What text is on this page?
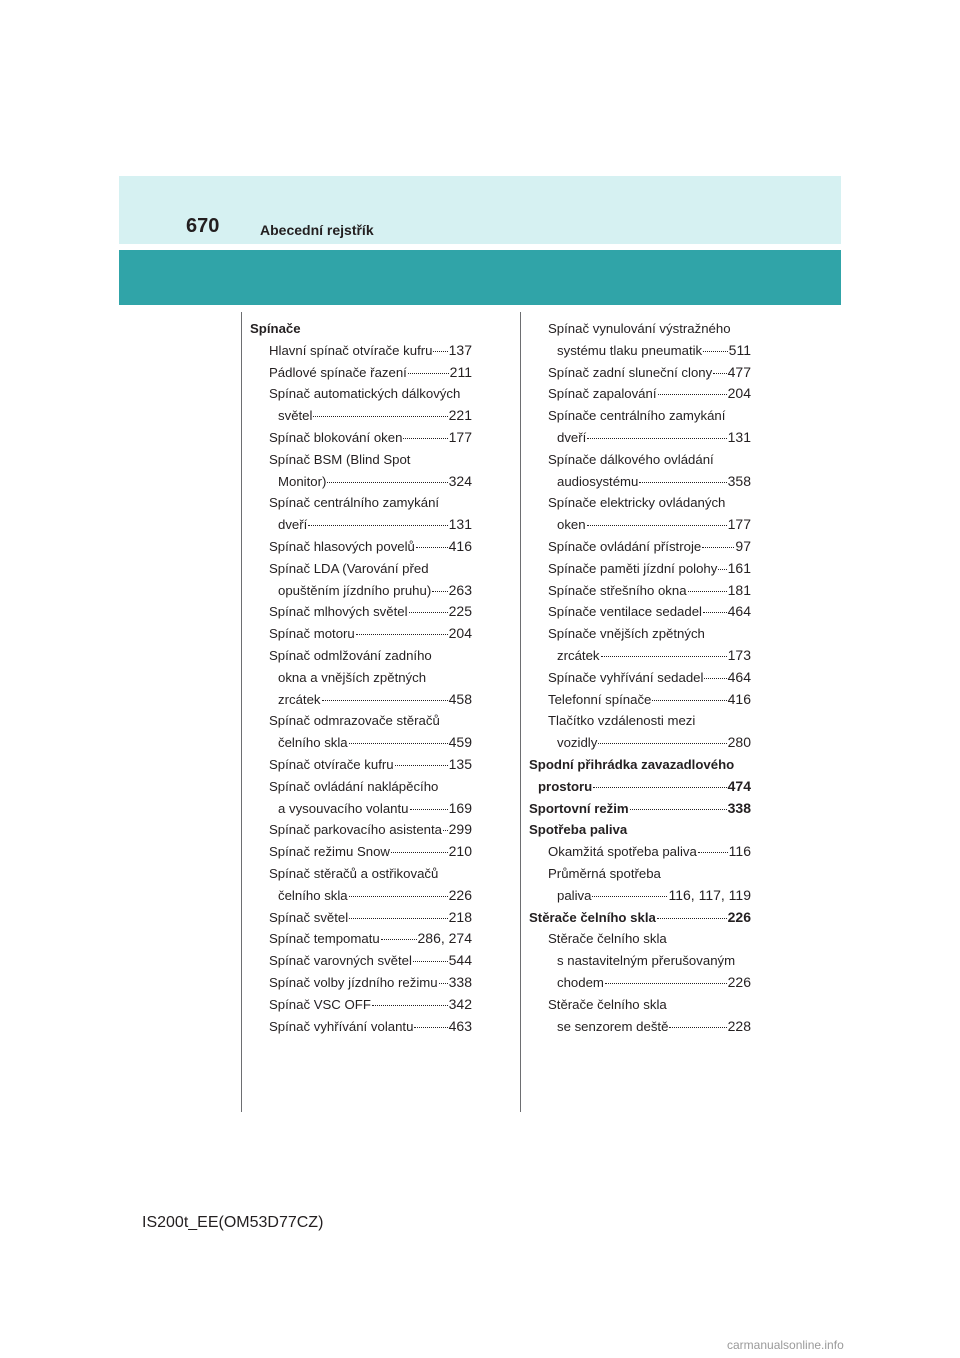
670	Abecední rejstřík
Spínače
Hlavní spínač otvírače kufru 137
Pádlové spínače řazení	211
Spínač automatických dálkových
světel	221
Spínač blokování oken	177
Spínač BSM (Blind Spot
Monitor)	324
Spínač centrálního zamykání
dveří	131
Spínač hlasových povelů 416
Spínač LDA (Varování před
opuštěním jízdního pruhu) 263
Spínač mlhových světel	225
Spínač motoru	204
Spínač odmlžování zadního
okna a vnějších zpětných
zrcátek	458
Spínač odmrazovače stěračů
čelního skla	459
Spínač otvírače kufru	135
Spínač ovládání naklápěcího
a vysouvacího volantu	169
Spínač parkovacího asistenta 299
Spínač režimu Snow	210
Spínač stěračů a ostřikovačů
čelního skla	226
Spínač světel	218
Spínač tempomatu	286, 274
Spínač varovných světel	544
Spínač volby jízdního režimu 338
Spínač VSC OFF	342
Spínač vyhřívání volantu	463
Spínač vynulování výstražného
systému tlaku pneumatik 511
Spínač zadní sluneční clony 477
Spínač zapalování	204
Spínače centrálního zamykání
dveří	131
Spínače dálkového ovládání
audiosystému	358
Spínače elektricky ovládaných
oken	177
Spínače ovládání přístroje 97
Spínače paměti jízdní polohy 161
Spínače střešního okna	181
Spínače ventilace sedadel 464
Spínače vnějších zpětných
zrcátek	173
Spínače vyhřívání sedadel 464
Telefonní spínače	416
Tlačítko vzdálenosti mezi
vozidly	280
Spodní přihrádka zavazadlového
prostoru	474
Sportovní režim	338
Spotřeba paliva
Okamžitá spotřeba paliva 116
Průměrná spotřeba
paliva	116, 117, 119
Stěrače čelního skla	226
Stěrače čelního skla
s nastavitelným přerušovaným
chodem	226
Stěrače čelního skla
se senzorem deště	228
IS200t_EE(OM53D77CZ)
carmanualsonline.info
